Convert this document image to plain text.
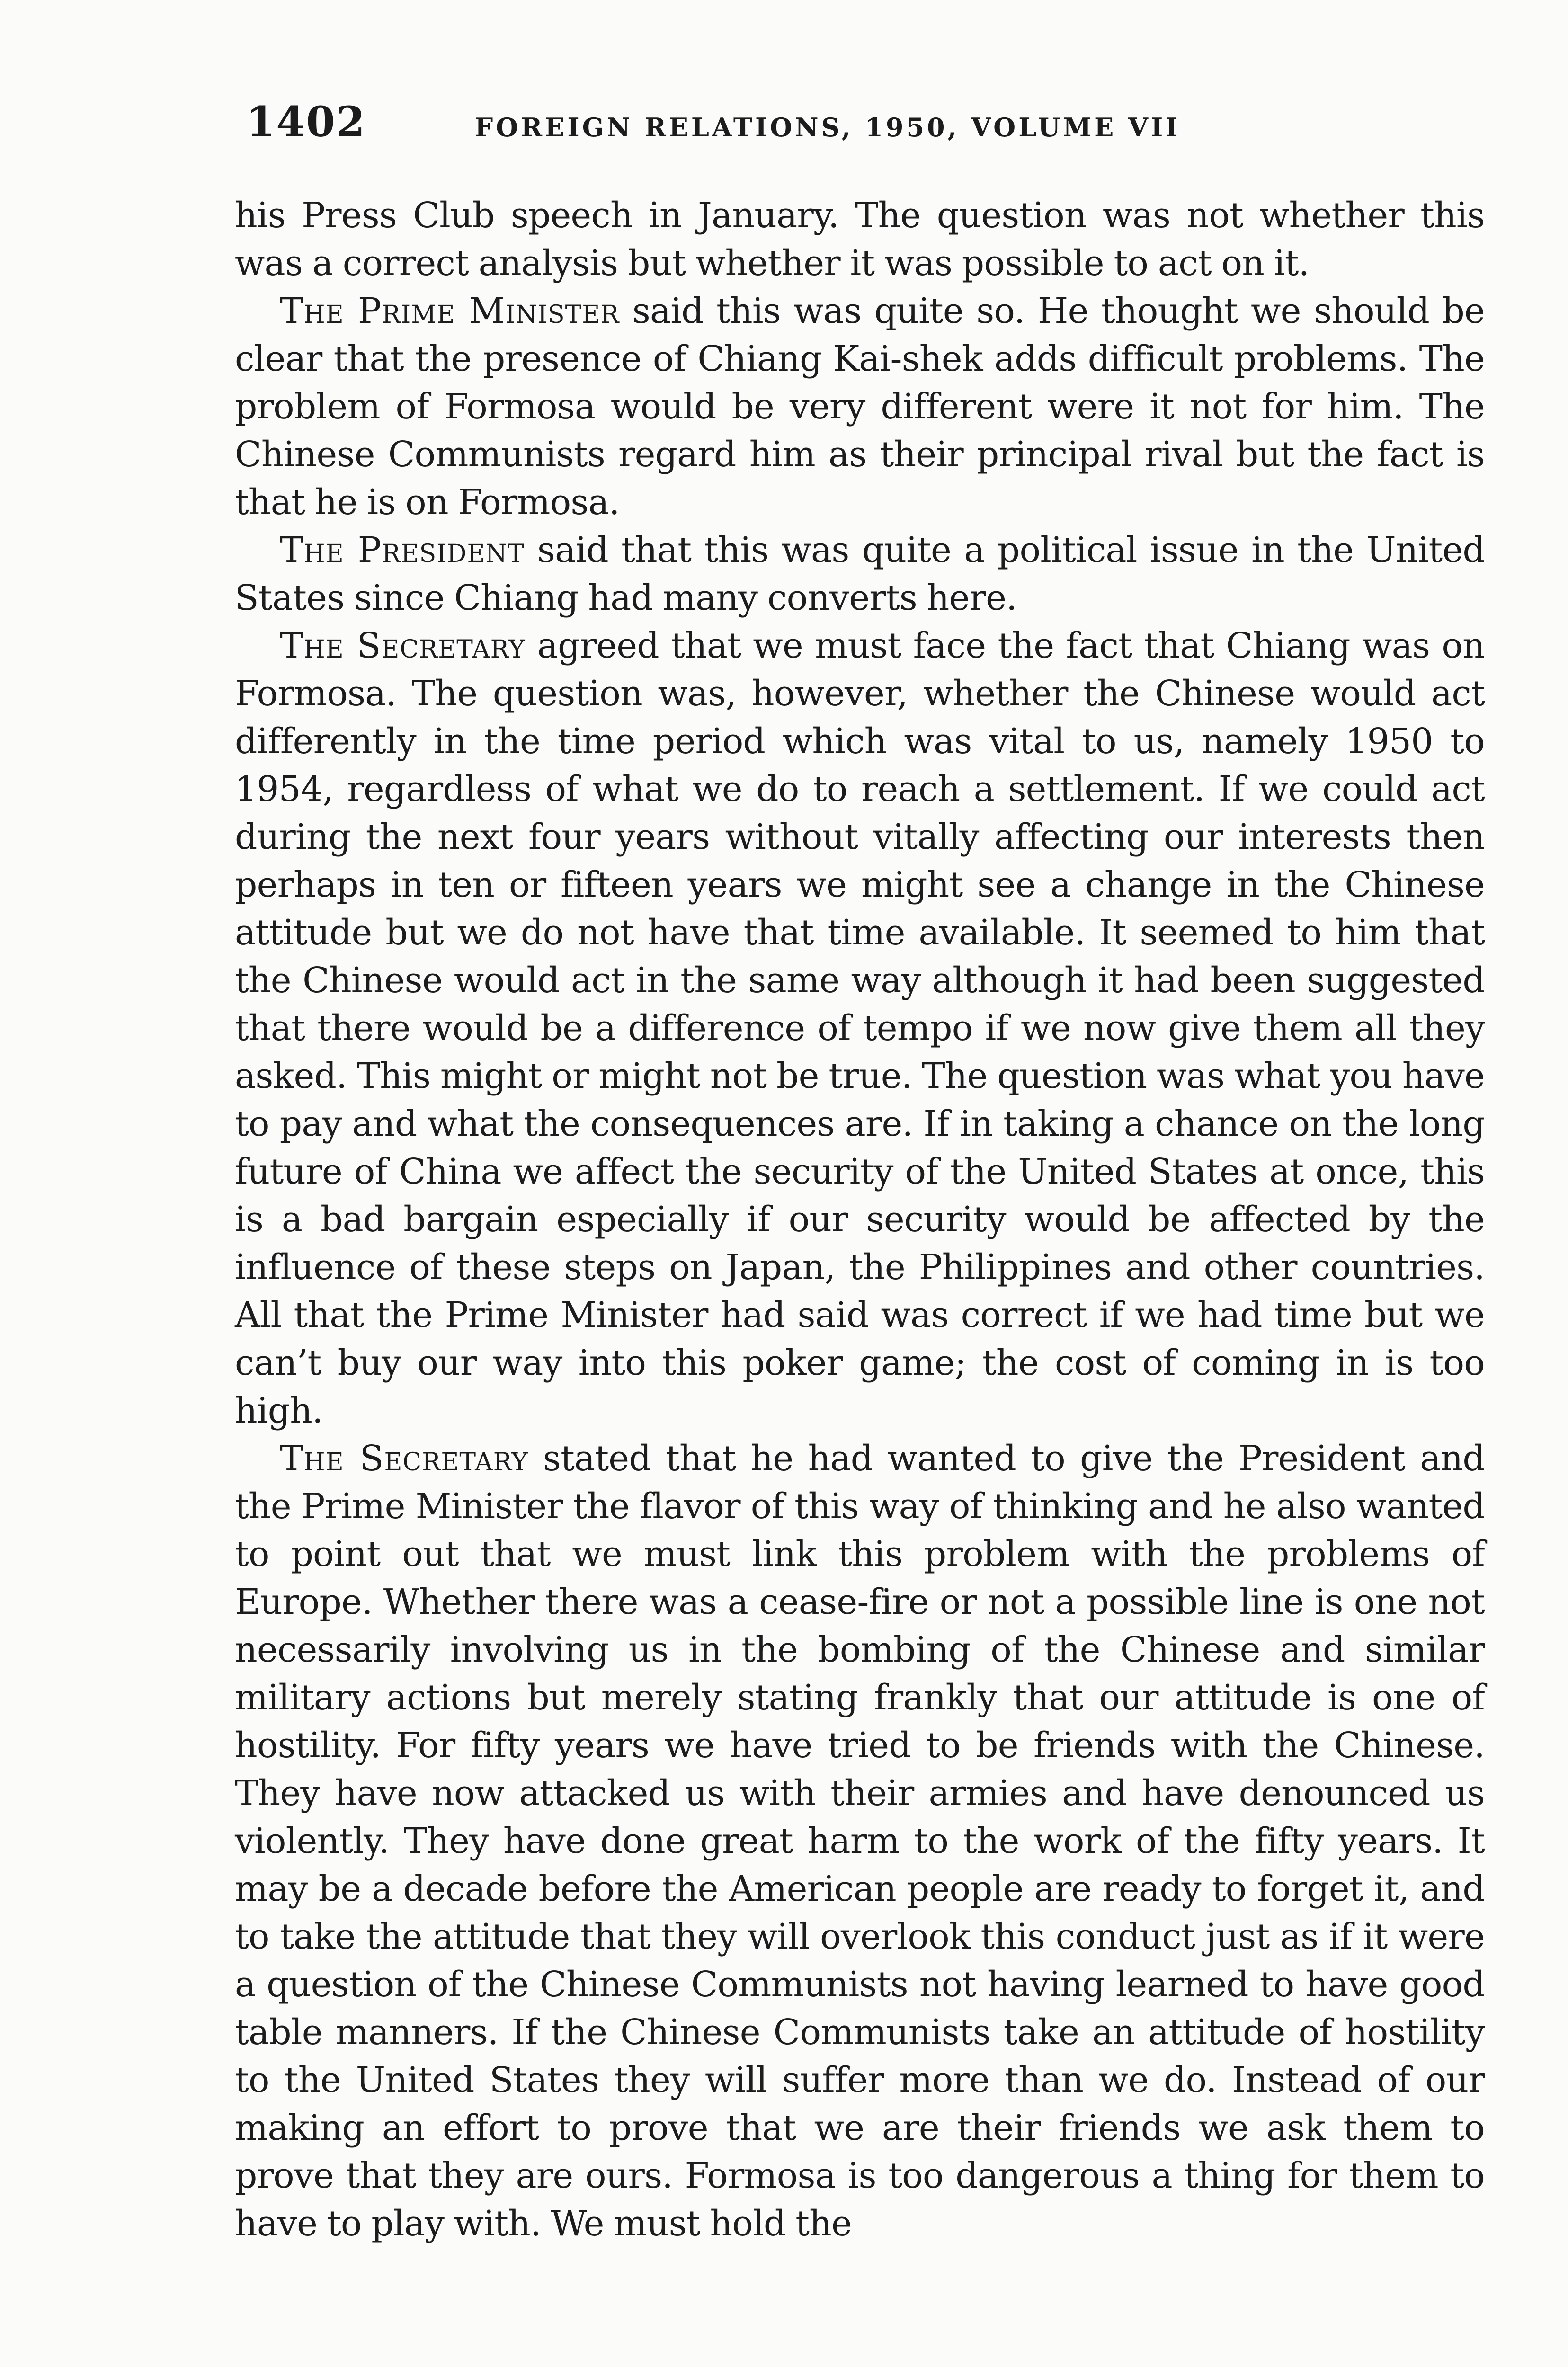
1402	FOREIGN RELATIONS, 1950, VOLUME VII

his Press Club speech in January. The question was not whether this was a correct analysis but whether it was possible to act on it.

The Prime Minister said this was quite so. He thought we should be clear that the presence of Chiang Kai-shek adds difficult problems. The problem of Formosa would be very different were it not for him. The Chinese Communists regard him as their principal rival but the fact is that he is on Formosa.

The President said that this was quite a political issue in the United States since Chiang had many converts here.

The Secretary agreed that we must face the fact that Chiang was on Formosa. The question was, however, whether the Chinese would act differently in the time period which was vital to us, namely 1950 to 1954, regardless of what we do to reach a settlement. If we could act during the next four years without vitally affecting our interests then perhaps in ten or fifteen years we might see a change in the Chinese attitude but we do not have that time available. It seemed to him that the Chinese would act in the same way although it had been suggested that there would be a difference of tempo if we now give them all they asked. This might or might not be true. The question was what you have to pay and what the consequences are. If in taking a chance on the long future of China we affect the security of the United States at once, this is a bad bargain especially if our security would be affected by the influence of these steps on Japan, the Philippines and other countries. All that the Prime Minister had said was correct if we had time but we can’t buy our way into this poker game; the cost of coming in is too high.

The Secretary stated that he had wanted to give the President and the Prime Minister the flavor of this way of thinking and he also wanted to point out that we must link this problem with the problems of Europe. Whether there was a cease-fire or not a possible line is one not necessarily involving us in the bombing of the Chinese and similar military actions but merely stating frankly that our attitude is one of hostility. For fifty years we have tried to be friends with the Chinese. They have now attacked us with their armies and have denounced us violently. They have done great harm to the work of the fifty years. It may be a decade before the American people are ready to forget it, and to take the attitude that they will overlook this conduct just as if it were a question of the Chinese Communists not having learned to have good table manners. If the Chinese Communists take an attitude of hostility to the United States they will suffer more than we do. Instead of our making an effort to prove that we are their friends we ask them to prove that they are ours. Formosa is too dangerous a thing for them to have to play with. We must hold the
